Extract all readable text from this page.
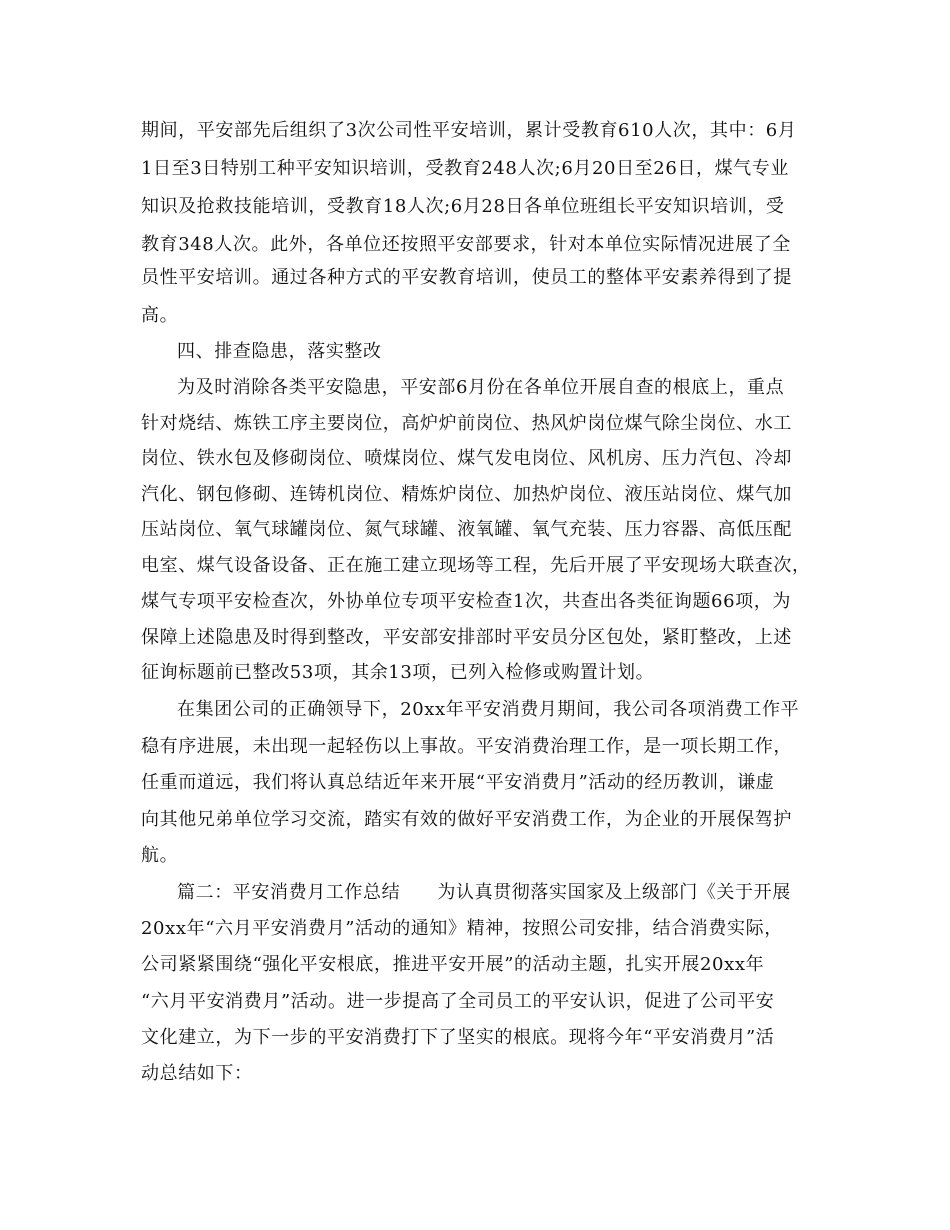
期间，平安部先后组织了3次公司性平安培训，累计受教育610人次，其中：6月
1日至3日特别工种平安知识培训，受教育248人次;6月20日至26日，煤气专业
知识及抢救技能培训，受教育18人次;6月28日各单位班组长平安知识培训，受
教育348人次。此外，各单位还按照平安部要求，针对本单位实际情况进展了全
员性平安培训。通过各种方式的平安教育培训，使员工的整体平安素养得到了提
高。
四、排查隐患，落实整改
为及时消除各类平安隐患，平安部6月份在各单位开展自查的根底上，重点
针对烧结、炼铁工序主要岗位，高炉炉前岗位、热风炉岗位煤气除尘岗位、水工
岗位、铁水包及修砌岗位、喷煤岗位、煤气发电岗位、风机房、压力汽包、冷却
汽化、钢包修砌、连铸机岗位、精炼炉岗位、加热炉岗位、液压站岗位、煤气加
压站岗位、氧气球罐岗位、氮气球罐、液氧罐、氧气充装、压力容器、高低压配
电室、煤气设备设备、正在施工建立现场等工程，先后开展了平安现场大联查次，
煤气专项平安检查次，外协单位专项平安检查1次，共查出各类征询题66项，为
保障上述隐患及时得到整改，平安部安排部时平安员分区包处，紧盯整改，上述
征询标题前已整改53项，其余13项，已列入检修或购置计划。
在集团公司的正确领导下，20xx年平安消费月期间，我公司各项消费工作平
稳有序进展，未出现一起轻伤以上事故。平安消费治理工作，是一项长期工作，
任重而道远，我们将认真总结近年来开展“平安消费月”活动的经历教训，谦虚
向其他兄弟单位学习交流，踏实有效的做好平安消费工作，为企业的开展保驾护
航。
篇二：平安消费月工作总结　　为认真贯彻落实国家及上级部门《关于开展
20xx年“六月平安消费月”活动的通知》精神，按照公司安排，结合消费实际，
公司紧紧围绕“强化平安根底，推进平安开展”的活动主题，扎实开展20xx年
“六月平安消费月”活动。进一步提高了全司员工的平安认识，促进了公司平安
文化建立，为下一步的平安消费打下了坚实的根底。现将今年“平安消费月”活
动总结如下：
